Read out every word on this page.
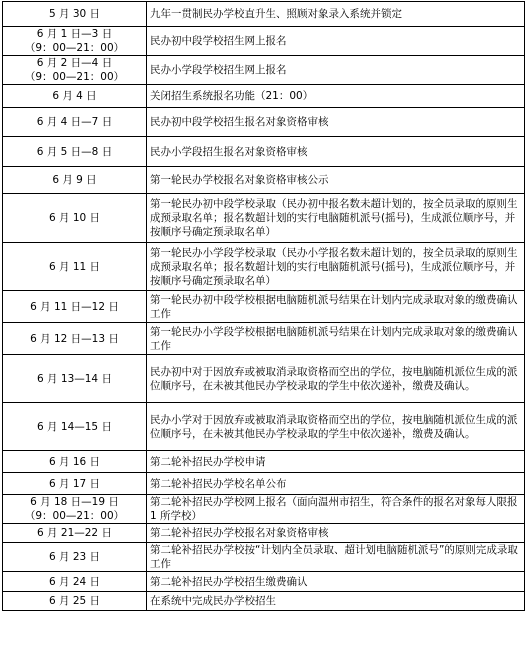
5 月 30 日	九年一贯制民办学校直升生、照顾对象录入系统并锁定

6 月 1 日—3 日
（9：00—21：00）	民办初中段学校招生网上报名

6 月 2 日—4 日
（9：00—21：00）	民办小学段学校招生网上报名

6 月 4 日	关闭招生系统报名功能（21：00）

6 月 4 日—7 日	民办初中段学校招生报名对象资格审核

6 月 5 日—8 日	民办小学段招生报名对象资格审核

6 月 9 日	第一轮民办学校报名对象资格审核公示

6 月 10 日	第一轮民办初中段学校录取（民办初中报名数未超计划的，按全员录取的原则生成预录取名单；报名数超计划的实行电脑随机派号(摇号)，生成派位顺序号，并按顺序号确定预录取名单）

6 月 11 日	第一轮民办小学段学校录取（民办小学报名数未超计划的，按全员录取的原则生成预录取名单；报名数超计划的实行电脑随机派号(摇号)，生成派位顺序号，并按顺序号确定预录取名单）

6 月 11 日—12 日	第一轮民办初中段学校根据电脑随机派号结果在计划内完成录取对象的缴费确认工作

6 月 12 日—13 日	第一轮民办小学段学校根据电脑随机派号结果在计划内完成录取对象的缴费确认工作

6 月 13—14 日	民办初中对于因放弃或被取消录取资格而空出的学位，按电脑随机派位生成的派位顺序号，在未被其他民办学校录取的学生中依次递补，缴费及确认。

6 月 14—15 日	民办小学对于因放弃或被取消录取资格而空出的学位，按电脑随机派位生成的派位顺序号，在未被其他民办学校录取的学生中依次递补，缴费及确认。

6 月 16 日	第二轮补招民办学校申请

6 月 17 日	第二轮补招民办学校名单公布

6 月 18 日—19 日
（9：00—21：00）	第二轮补招民办学校网上报名（面向温州市招生，符合条件的报名对象每人限报 1 所学校）

6 月 21—22 日	第二轮补招民办学校报名对象资格审核

6 月 23 日	第二轮补招民办学校按“计划内全员录取、超计划电脑随机派号”的原则完成录取工作

6 月 24 日	第二轮补招民办学校招生缴费确认

6 月 25 日	在系统中完成民办学校招生
